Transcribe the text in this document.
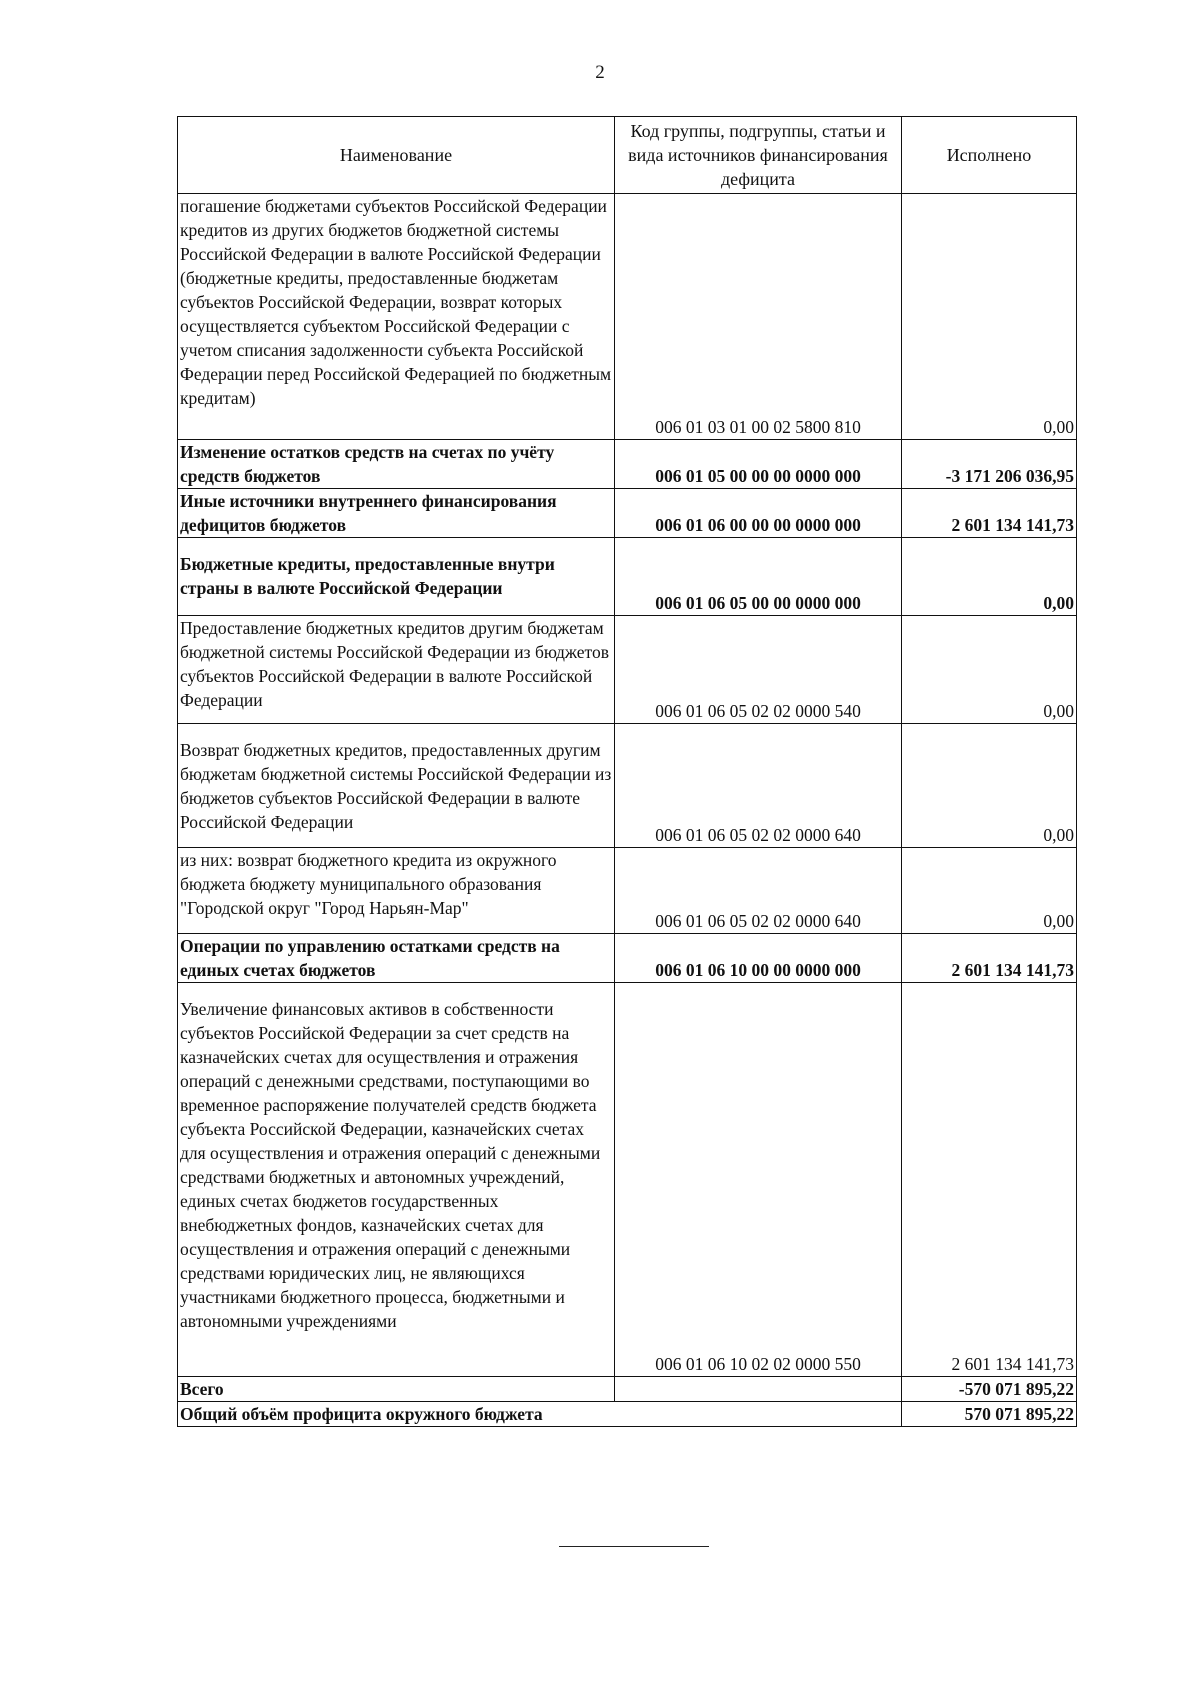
2
Наименование	Код группы, подгруппы, статьи и вида источников финансирования дефицита	Исполнено
погашение бюджетами субъектов Российской Федерации кредитов из других бюджетов бюджетной системы Российской Федерации в валюте Российской Федерации (бюджетные кредиты, предоставленные бюджетам субъектов Российской Федерации, возврат которых осуществляется субъектом Российской Федерации с учетом списания задолженности субъекта Российской Федерации перед Российской Федерацией по бюджетным кредитам)	006 01 03 01 00 02 5800 810	0,00
Изменение остатков средств на счетах по учёту средств бюджетов	006 01 05 00 00 00 0000 000	-3 171 206 036,95
Иные источники внутреннего финансирования дефицитов бюджетов	006 01 06 00 00 00 0000 000	2 601 134 141,73
Бюджетные кредиты, предоставленные внутри страны в валюте Российской Федерации	006 01 06 05 00 00 0000 000	0,00
Предоставление бюджетных кредитов другим бюджетам бюджетной системы Российской Федерации из бюджетов субъектов Российской Федерации в валюте Российской Федерации	006 01 06 05 02 02 0000 540	0,00
Возврат бюджетных кредитов, предоставленных другим бюджетам бюджетной системы Российской Федерации из бюджетов субъектов Российской Федерации в валюте Российской Федерации	006 01 06 05 02 02 0000 640	0,00
из них: возврат бюджетного кредита из окружного бюджета бюджету муниципального образования "Городской округ "Город Нарьян-Мар"	006 01 06 05 02 02 0000 640	0,00
Операции по управлению остатками средств на единых счетах бюджетов	006 01 06 10 00 00 0000 000	2 601 134 141,73
Увеличение финансовых активов в собственности субъектов Российской Федерации за счет средств на казначейских счетах для осуществления и отражения операций с денежными средствами, поступающими во временное распоряжение получателей средств бюджета субъекта Российской Федерации, казначейских счетах для осуществления и отражения операций с денежными средствами бюджетных и автономных учреждений, единых счетах бюджетов государственных внебюджетных фондов, казначейских счетах для осуществления и отражения операций с денежными средствами юридических лиц, не являющихся участниками бюджетного процесса, бюджетными и автономными учреждениями	006 01 06 10 02 02 0000 550	2 601 134 141,73
Всего		-570 071 895,22
Общий объём профицита окружного бюджета		570 071 895,22
